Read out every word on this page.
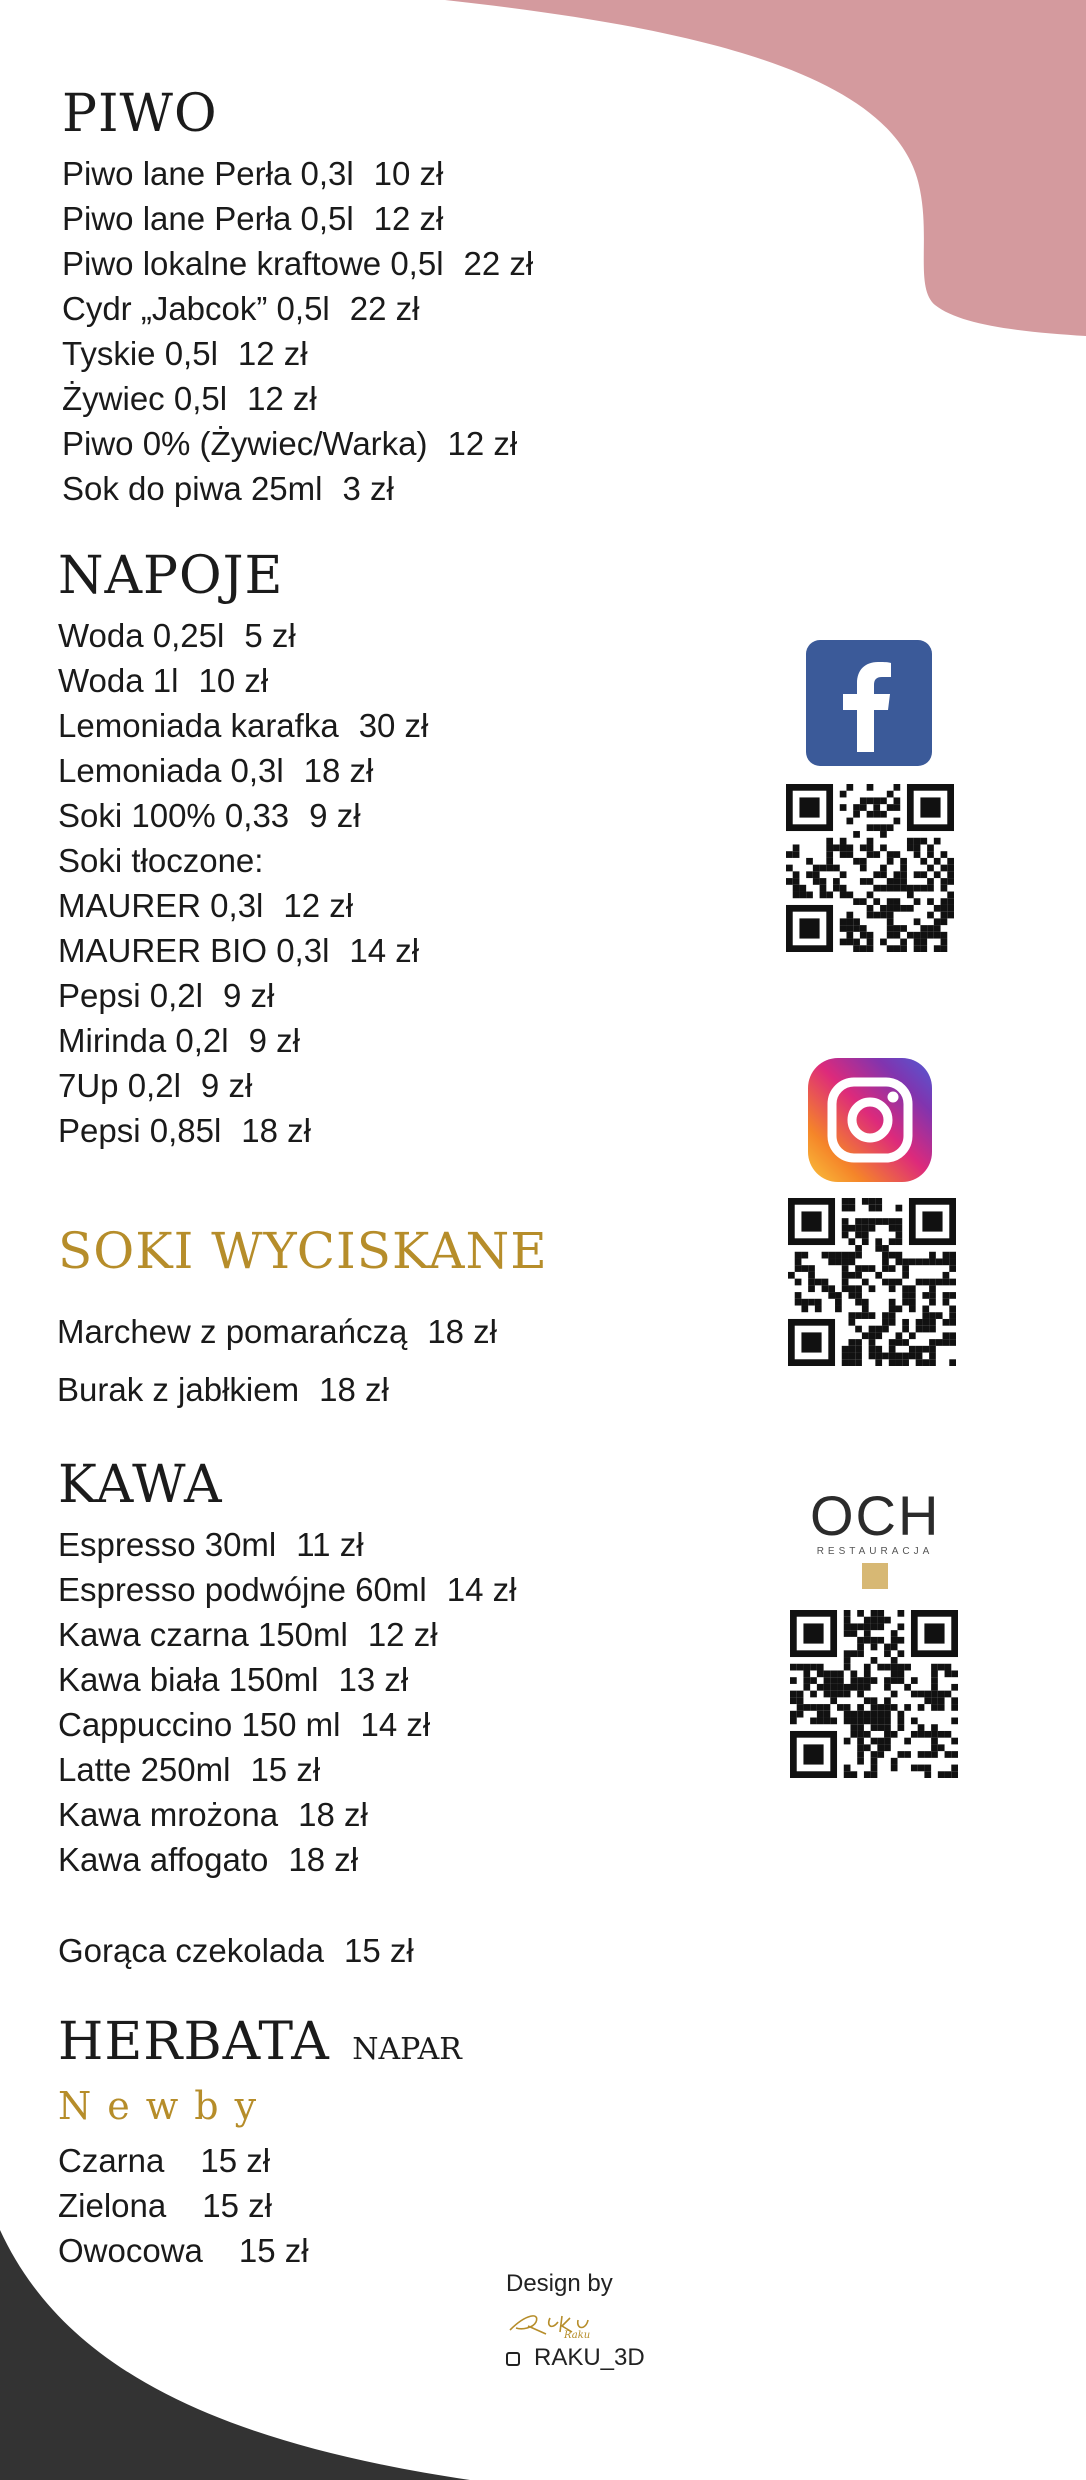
PIWO
Piwo lane Perła 0,3l 10 zł
Piwo lane Perła 0,5l 12 zł
Piwo lokalne kraftowe 0,5l 22 zł
Cydr „Jabcok” 0,5l 22 zł
Tyskie 0,5l 12 zł
Żywiec 0,5l 12 zł
Piwo 0% (Żywiec/Warka) 12 zł
Sok do piwa 25ml 3 zł
NAPOJE
Woda 0,25l 5 zł
Woda 1l 10 zł
Lemoniada karafka 30 zł
Lemoniada 0,3l 18 zł
Soki 100% 0,33 9 zł
Soki tłoczone:
MAURER 0,3l 12 zł
MAURER BIO 0,3l 14 zł
Pepsi 0,2l 9 zł
Mirinda 0,2l 9 zł
7Up 0,2l 9 zł
Pepsi 0,85l 18 zł
SOKI WYCISKANE
Marchew z pomarańczą 18 zł
Burak z jabłkiem 18 zł
KAWA
Espresso 30ml 11 zł
Espresso podwójne 60ml 14 zł
Kawa czarna 150ml 12 zł
Kawa biała 150ml 13 zł
Cappuccino 150 ml 14 zł
Latte 250ml 15 zł
Kawa mrożona 18 zł
Kawa affogato 18 zł
Gorąca czekolada 15 zł
HERBATA NAPAR
Newby
Czarna 15 zł
Zielona 15 zł
Owocowa 15 zł
OCH
RESTAURACJA
Design by
Raku
RAKU_3D
